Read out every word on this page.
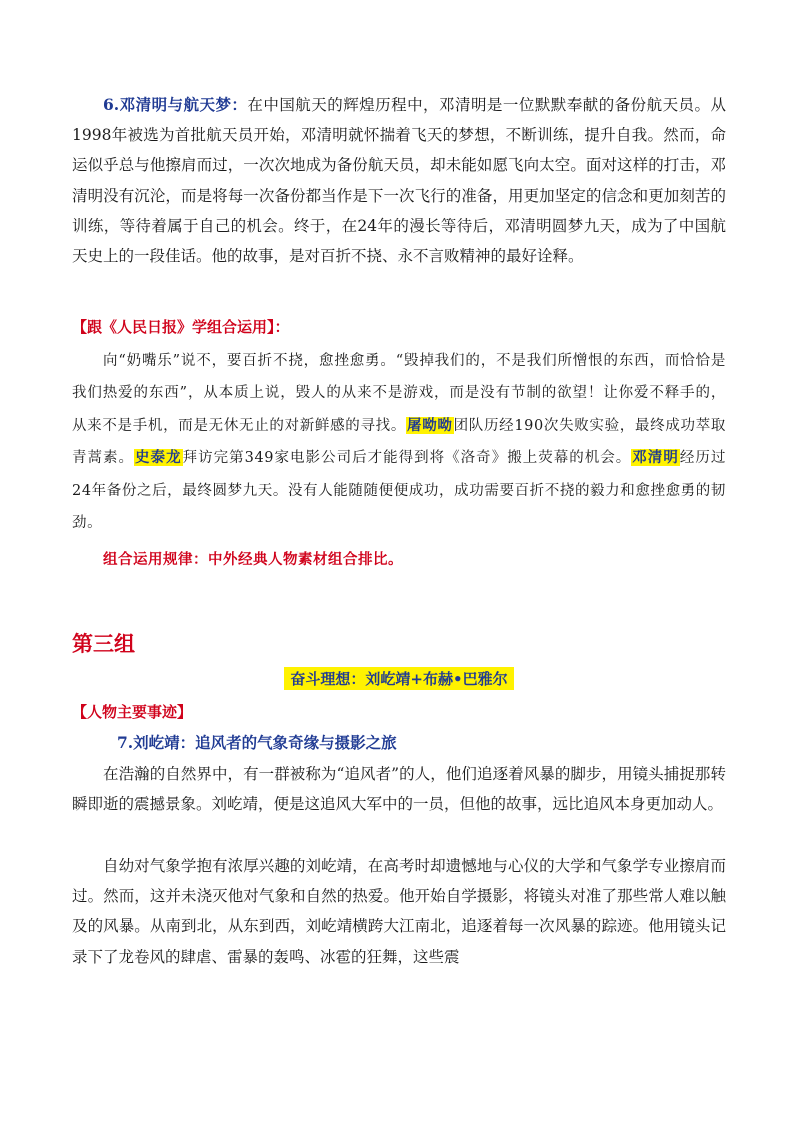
6.邓清明与航天梦：在中国航天的辉煌历程中，邓清明是一位默默奉献的备份航天员。从1998年被选为首批航天员开始，邓清明就怀揣着飞天的梦想，不断训练，提升自我。然而，命运似乎总与他擦肩而过，一次次地成为备份航天员，却未能如愿飞向太空。面对这样的打击，邓清明没有沉沦，而是将每一次备份都当作是下一次飞行的准备，用更加坚定的信念和更加刻苦的训练，等待着属于自己的机会。终于，在24年的漫长等待后，邓清明圆梦九天，成为了中国航天史上的一段佳话。他的故事，是对百折不挠、永不言败精神的最好诠释。

【跟《人民日报》学组合运用】：

向“奶嘴乐”说不，要百折不挠，愈挫愈勇。“毁掉我们的，不是我们所憎恨的东西，而恰恰是我们热爱的东西”，从本质上说，毁人的从来不是游戏，而是没有节制的欲望！让你爱不释手的，从来不是手机，而是无休无止的对新鲜感的寻找。屠呦呦团队历经190次失败实验，最终成功萃取青蒿素。史泰龙拜访完第349家电影公司后才能得到将《洛奇》搬上荧幕的机会。邓清明经历过24年备份之后，最终圆梦九天。没有人能随随便便成功，成功需要百折不挠的毅力和愈挫愈勇的韧劲。

组合运用规律：中外经典人物素材组合排比。
第三组
奋斗理想：刘屹靖+布赫•巴雅尔
【人物主要事迹】
7.刘屹靖：追风者的气象奇缘与摄影之旅

在浩瀚的自然界中，有一群被称为“追风者”的人，他们追逐着风暴的脚步，用镜头捕捉那转瞬即逝的震撼景象。刘屹靖，便是这追风大军中的一员，但他的故事，远比追风本身更加动人。

自幼对气象学抱有浓厚兴趣的刘屹靖，在高考时却遗憾地与心仪的大学和气象学专业擦肩而过。然而，这并未浇灭他对气象和自然的热爱。他开始自学摄影，将镜头对准了那些常人难以触及的风暴。从南到北，从东到西，刘屹靖横跨大江南北，追逐着每一次风暴的踪迹。他用镜头记录下了龙卷风的肆虐、雷暴的轰鸣、冰雹的狂舞，这些震
